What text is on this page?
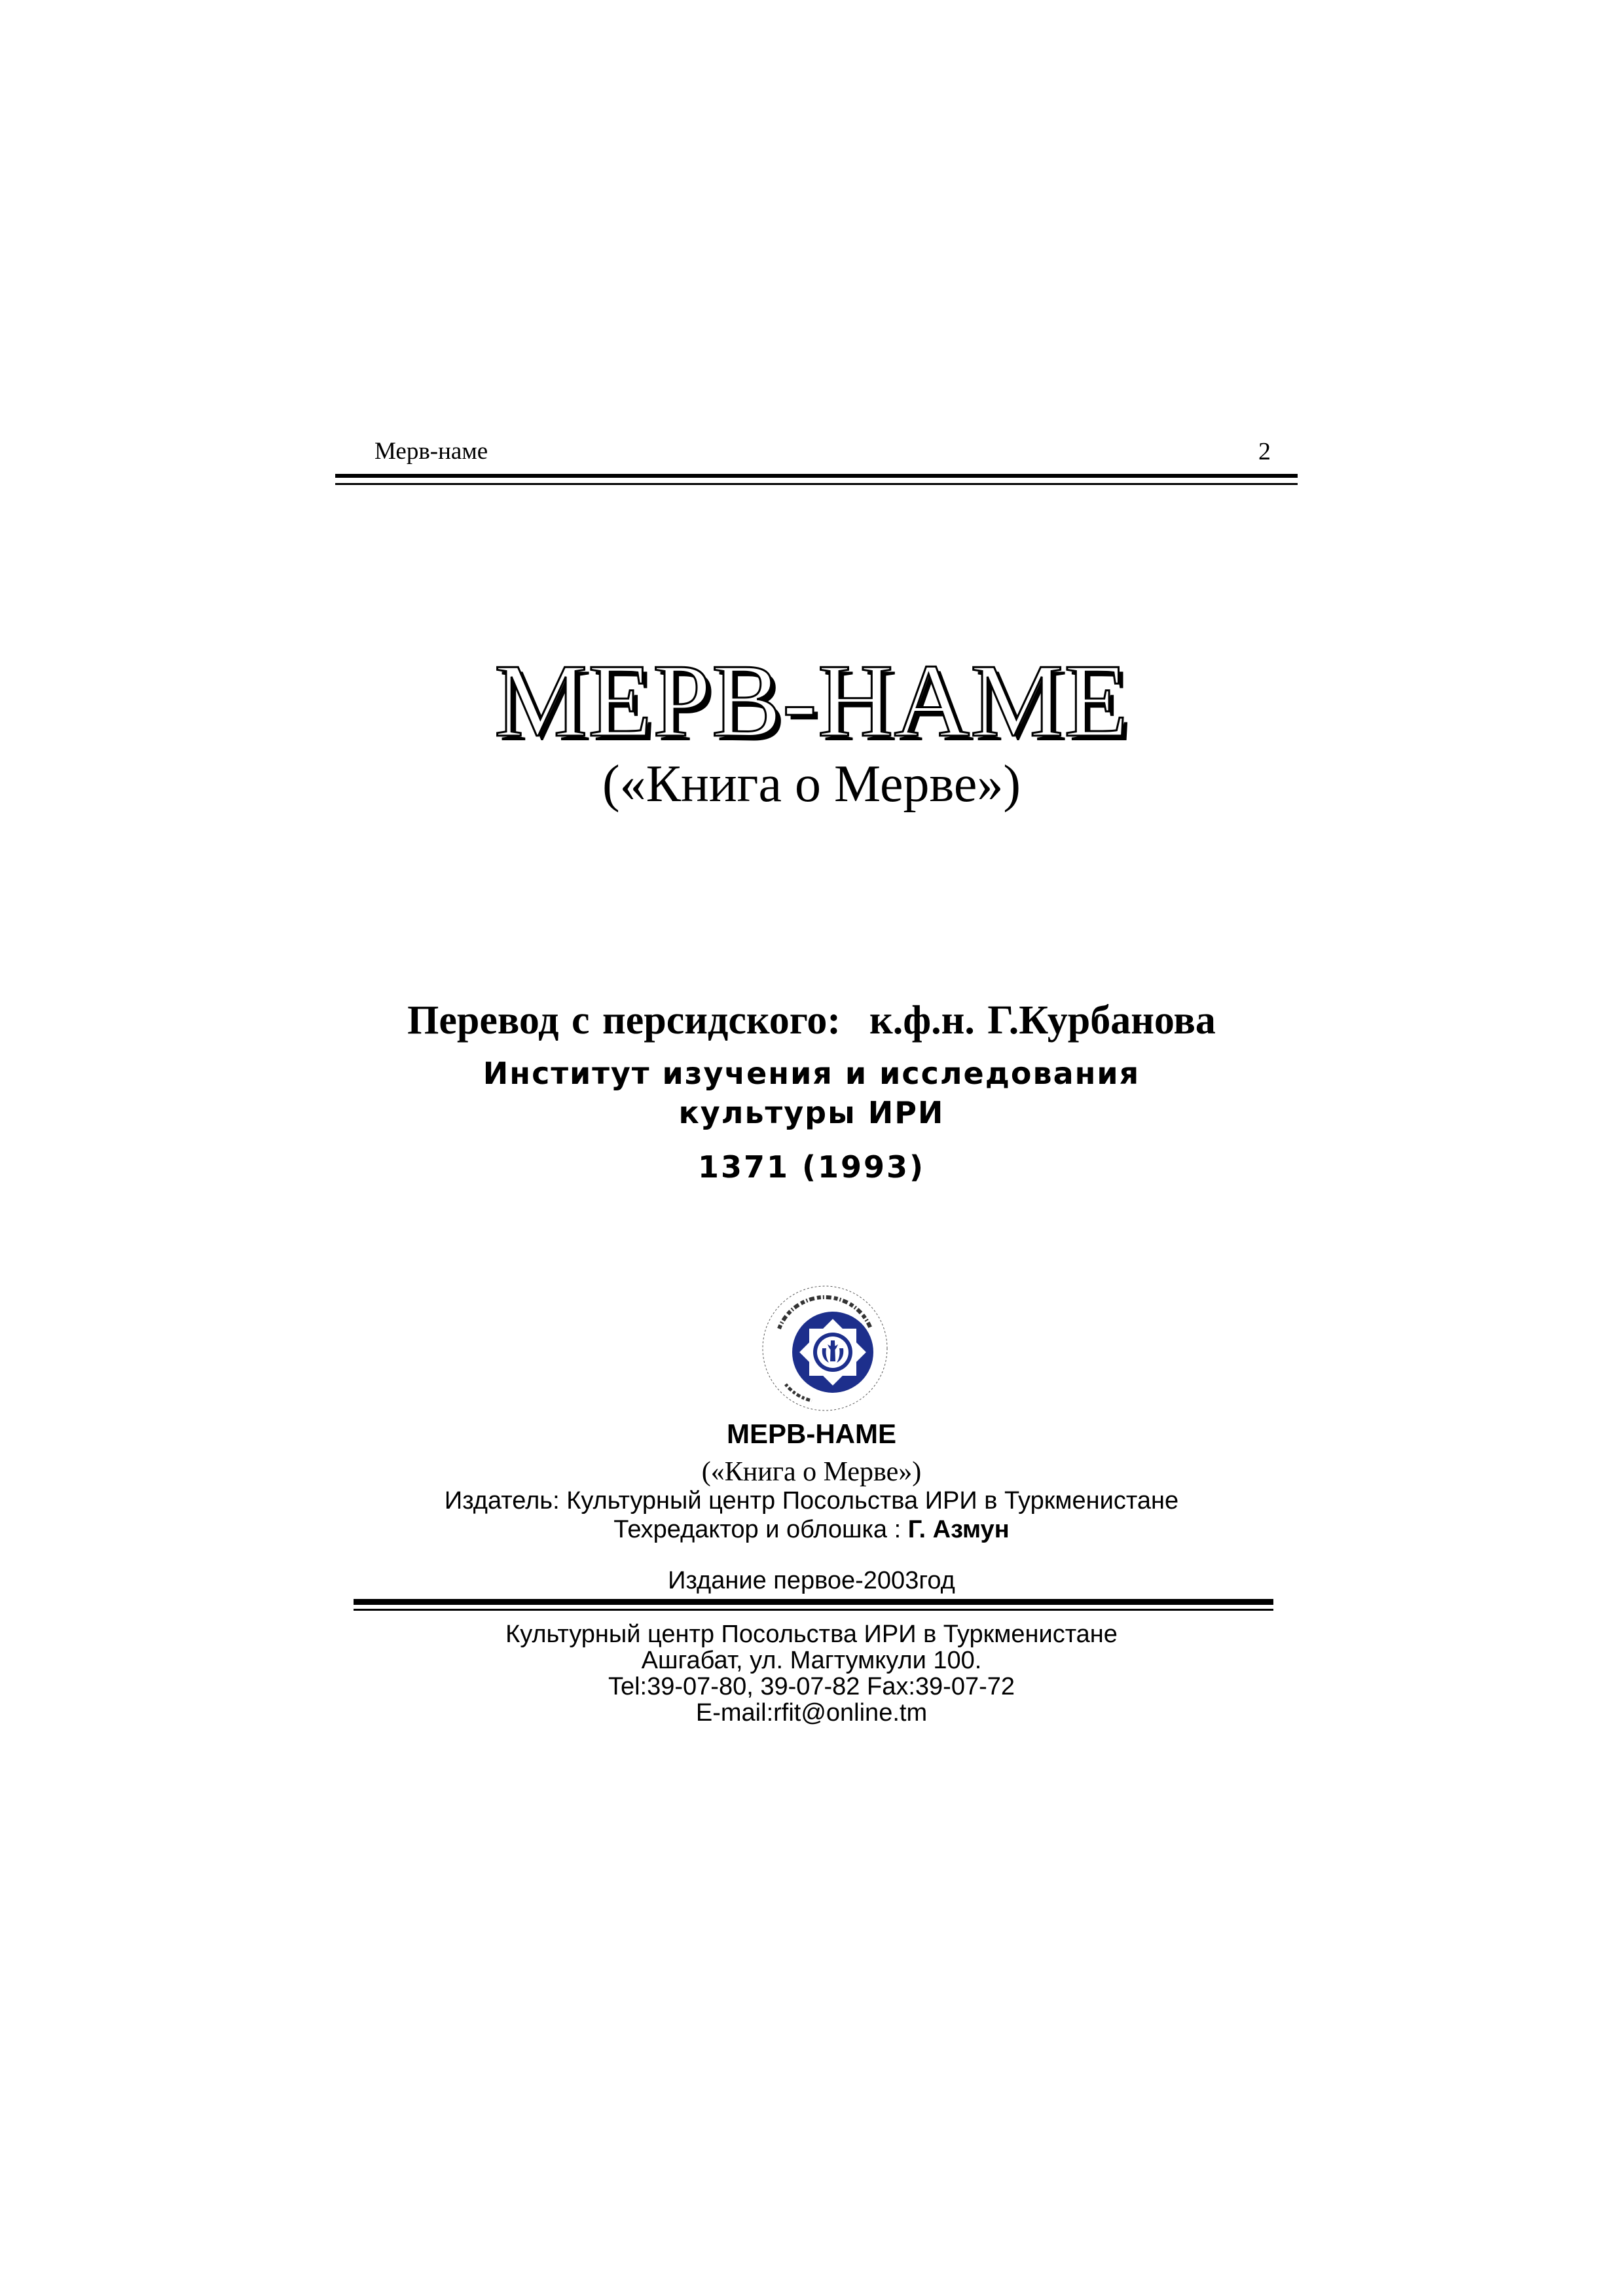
Мерв-наме	2
МЕРВ-НАМЕ
(«Книга о Мерве»)
Перевод с персидского: к.ф.н. Г.Курбанова
Институт изучения и исследования
культуры ИРИ
1371 (1993)
МЕРВ-НАМЕ
(«Книга о Мерве»)
Издатель: Культурный центр Посольства ИРИ в Туркменистане
Техредактор и облошка : Г. Азмун
Издание первое-2003год
Культурный центр Посольства ИРИ в Туркменистане
Ашгабат, ул. Магтумкули 100.
Tel:39-07-80, 39-07-82 Fax:39-07-72
E-mail:rfit@online.tm
